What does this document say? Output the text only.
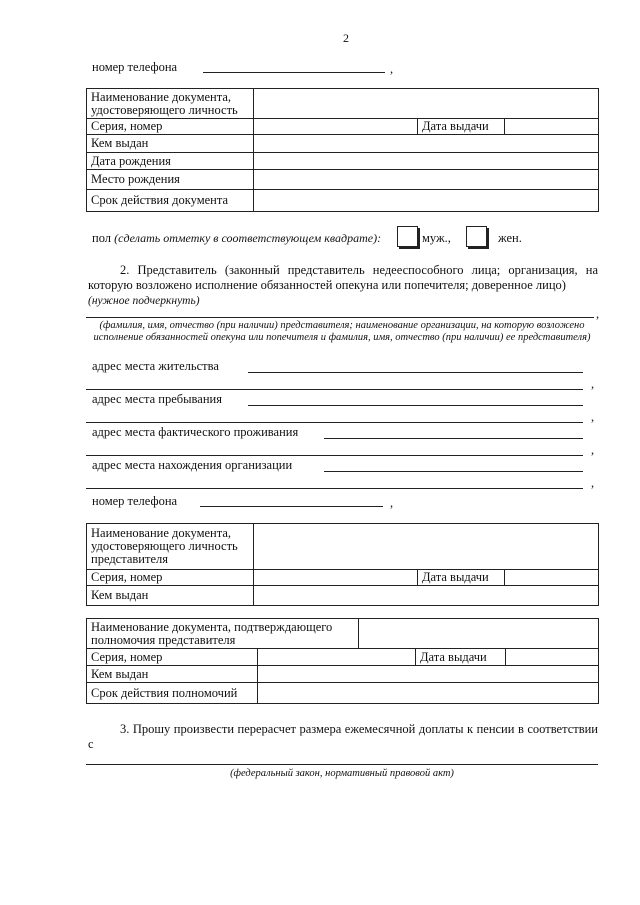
2
номер телефона	,
Наименование документа, удостоверяющего личность			
Серия, номер		Дата выдачи	
Кем выдан			
Дата рождения			
Место рождения			
Срок действия документа			
пол (сделать отметку в соответствующем квадрате):	муж.,	жен.
2. Представитель (законный представитель недееспособного лица; организация, на которую возложено исполнение обязанностей опекуна или попечителя; доверенное лицо)
(нужное подчеркнуть)
,
(фамилия, имя, отчество (при наличии) представителя; наименование организации, на которую возложено исполнение обязанностей опекуна или попечителя и фамилия, имя, отчество (при наличии) ее представителя)
адрес места жительства
,
адрес места пребывания
,
адрес места фактического проживания
,
адрес места нахождения организации
,
номер телефона	,
Наименование документа, удостоверяющего личность представителя			
Серия, номер		Дата выдачи	
Кем выдан			
Наименование документа, подтверждающего полномочия представителя				
Серия, номер			Дата выдачи	
Кем выдан				
Срок действия полномочий				
3. Прошу произвести перерасчет размера ежемесячной доплаты к пенсии в соответствии с
(федеральный закон, нормативный правовой акт)
